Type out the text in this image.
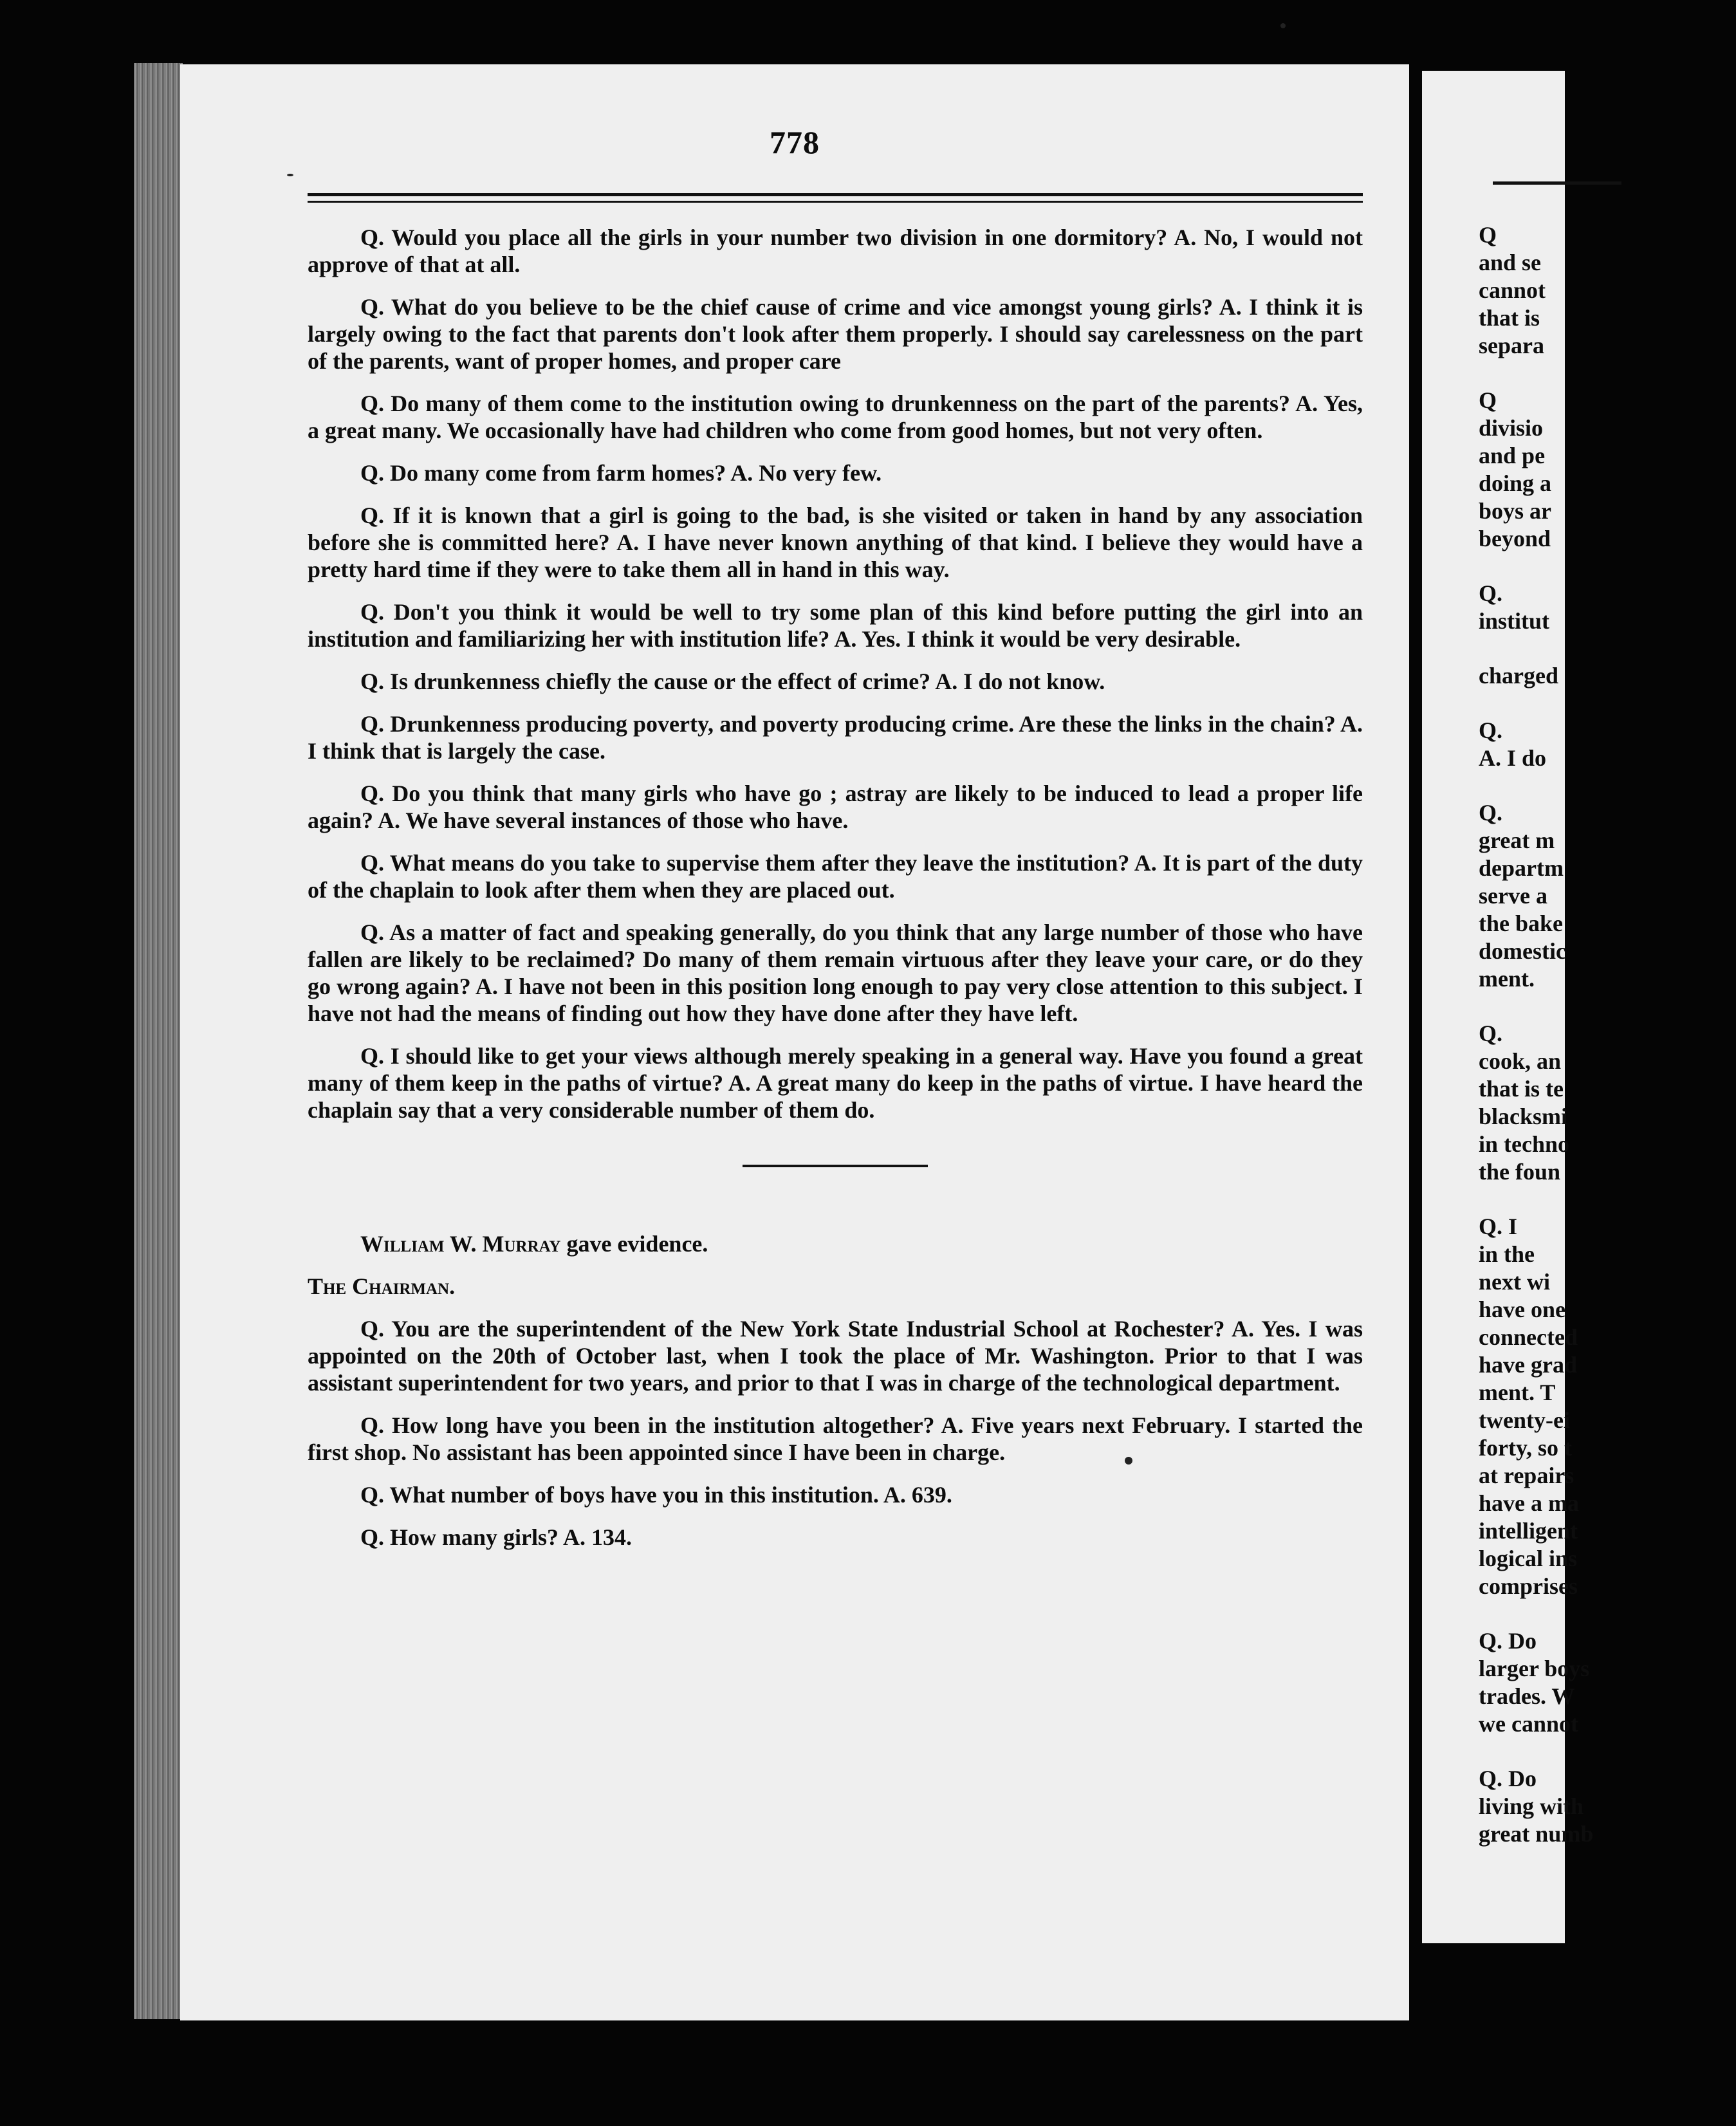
778

Q. Would you place all the girls in your number two division in one dormitory? A. No, I would not approve of that at all.

Q. What do you believe to be the chief cause of crime and vice amongst young girls? A. I think it is largely owing to the fact that parents don't look after them properly. I should say carelessness on the part of the parents, want of proper homes, and proper care

Q. Do many of them come to the institution owing to drunkenness on the part of the parents? A. Yes, a great many. We occasionally have had children who come from good homes, but not very often.

Q. Do many come from farm homes? A. No very few.

Q. If it is known that a girl is going to the bad, is she visited or taken in hand by any association before she is committed here? A. I have never known anything of that kind. I believe they would have a pretty hard time if they were to take them all in hand in this way.

Q. Don't you think it would be well to try some plan of this kind before putting the girl into an institution and familiarizing her with institution life? A. Yes. I think it would be very desirable.

Q. Is drunkenness chiefly the cause or the effect of crime? A. I do not know.

Q. Drunkenness producing poverty, and poverty producing crime. Are these the links in the chain? A. I think that is largely the case.

Q. Do you think that many girls who have go ; astray are likely to be induced to lead a proper life again? A. We have several instances of those who have.

Q. What means do you take to supervise them after they leave the institution? A. It is part of the duty of the chaplain to look after them when they are placed out.

Q. As a matter of fact and speaking generally, do you think that any large number of those who have fallen are likely to be reclaimed? Do many of them remain virtuous after they leave your care, or do they go wrong again? A. I have not been in this position long enough to pay very close attention to this subject. I have not had the means of finding out how they have done after they have left.

Q. I should like to get your views although merely speaking in a general way. Have you found a great many of them keep in the paths of virtue? A. A great many do keep in the paths of virtue. I have heard the chaplain say that a very considerable number of them do.

William W. Murray gave evidence.

The Chairman.

Q. You are the superintendent of the New York State Industrial School at Rochester? A. Yes. I was appointed on the 20th of October last, when I took the place of Mr. Washington. Prior to that I was assistant superintendent for two years, and prior to that I was in charge of the technological department.

Q. How long have you been in the institution altogether? A. Five years next February. I started the first shop. No assistant has been appointed since I have been in charge.

Q. What number of boys have you in this institution. A. 639.

Q. How many girls? A. 134.

Q
and se
cannot
that is
separa
Q
divisio
and pe
doing a
boys ar
beyond
Q.
institut
charged
Q.
A. I do
Q.
great m
departm
serve a
the bake
domestic
ment.
Q.
cook, an
that is te
blacksmi
in techno
the foun
Q. I
in the
next wi
have one
connected
have grad
ment. T
twenty-ei
forty, so t
at repairs
have a ma
intelligent
logical ins
comprises
Q. Do
larger boys
trades. W
we cannot
Q. Do
living with
great numb
